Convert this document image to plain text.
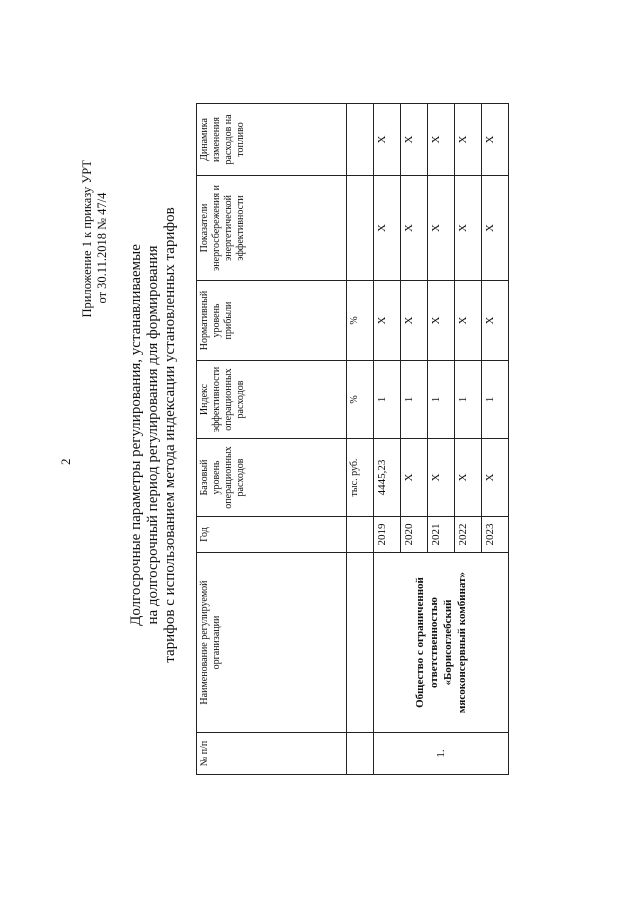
2
Приложение 1 к приказу УРТ от 30.11.2018 № 47/4 Долгосрочные параметры регулирования, устанавливаемые на долгосрочный период регулирования для формирования тарифов с использованием метода индексации установленных тарифов
№ п/п	Наименование регулируемой организации	Год	Базовый уровень операционных расходов	Индекс эффективности операционных расходов	Нормативный уровень прибыли	Показатели энергосбережения и энергетической эффективности	Динамика изменения расходов на топливо
			тыс. руб.	%	%		
1.	Общество с ограниченной ответственностью «Борисоглебский мясоконсервный комбинат»	2019	4445,23	1	X	X	X
		2020	X	1	X	X	X
		2021	X	1	X	X	X
		2022	X	1	X	X	X
		2023	X	1	X	X	X
